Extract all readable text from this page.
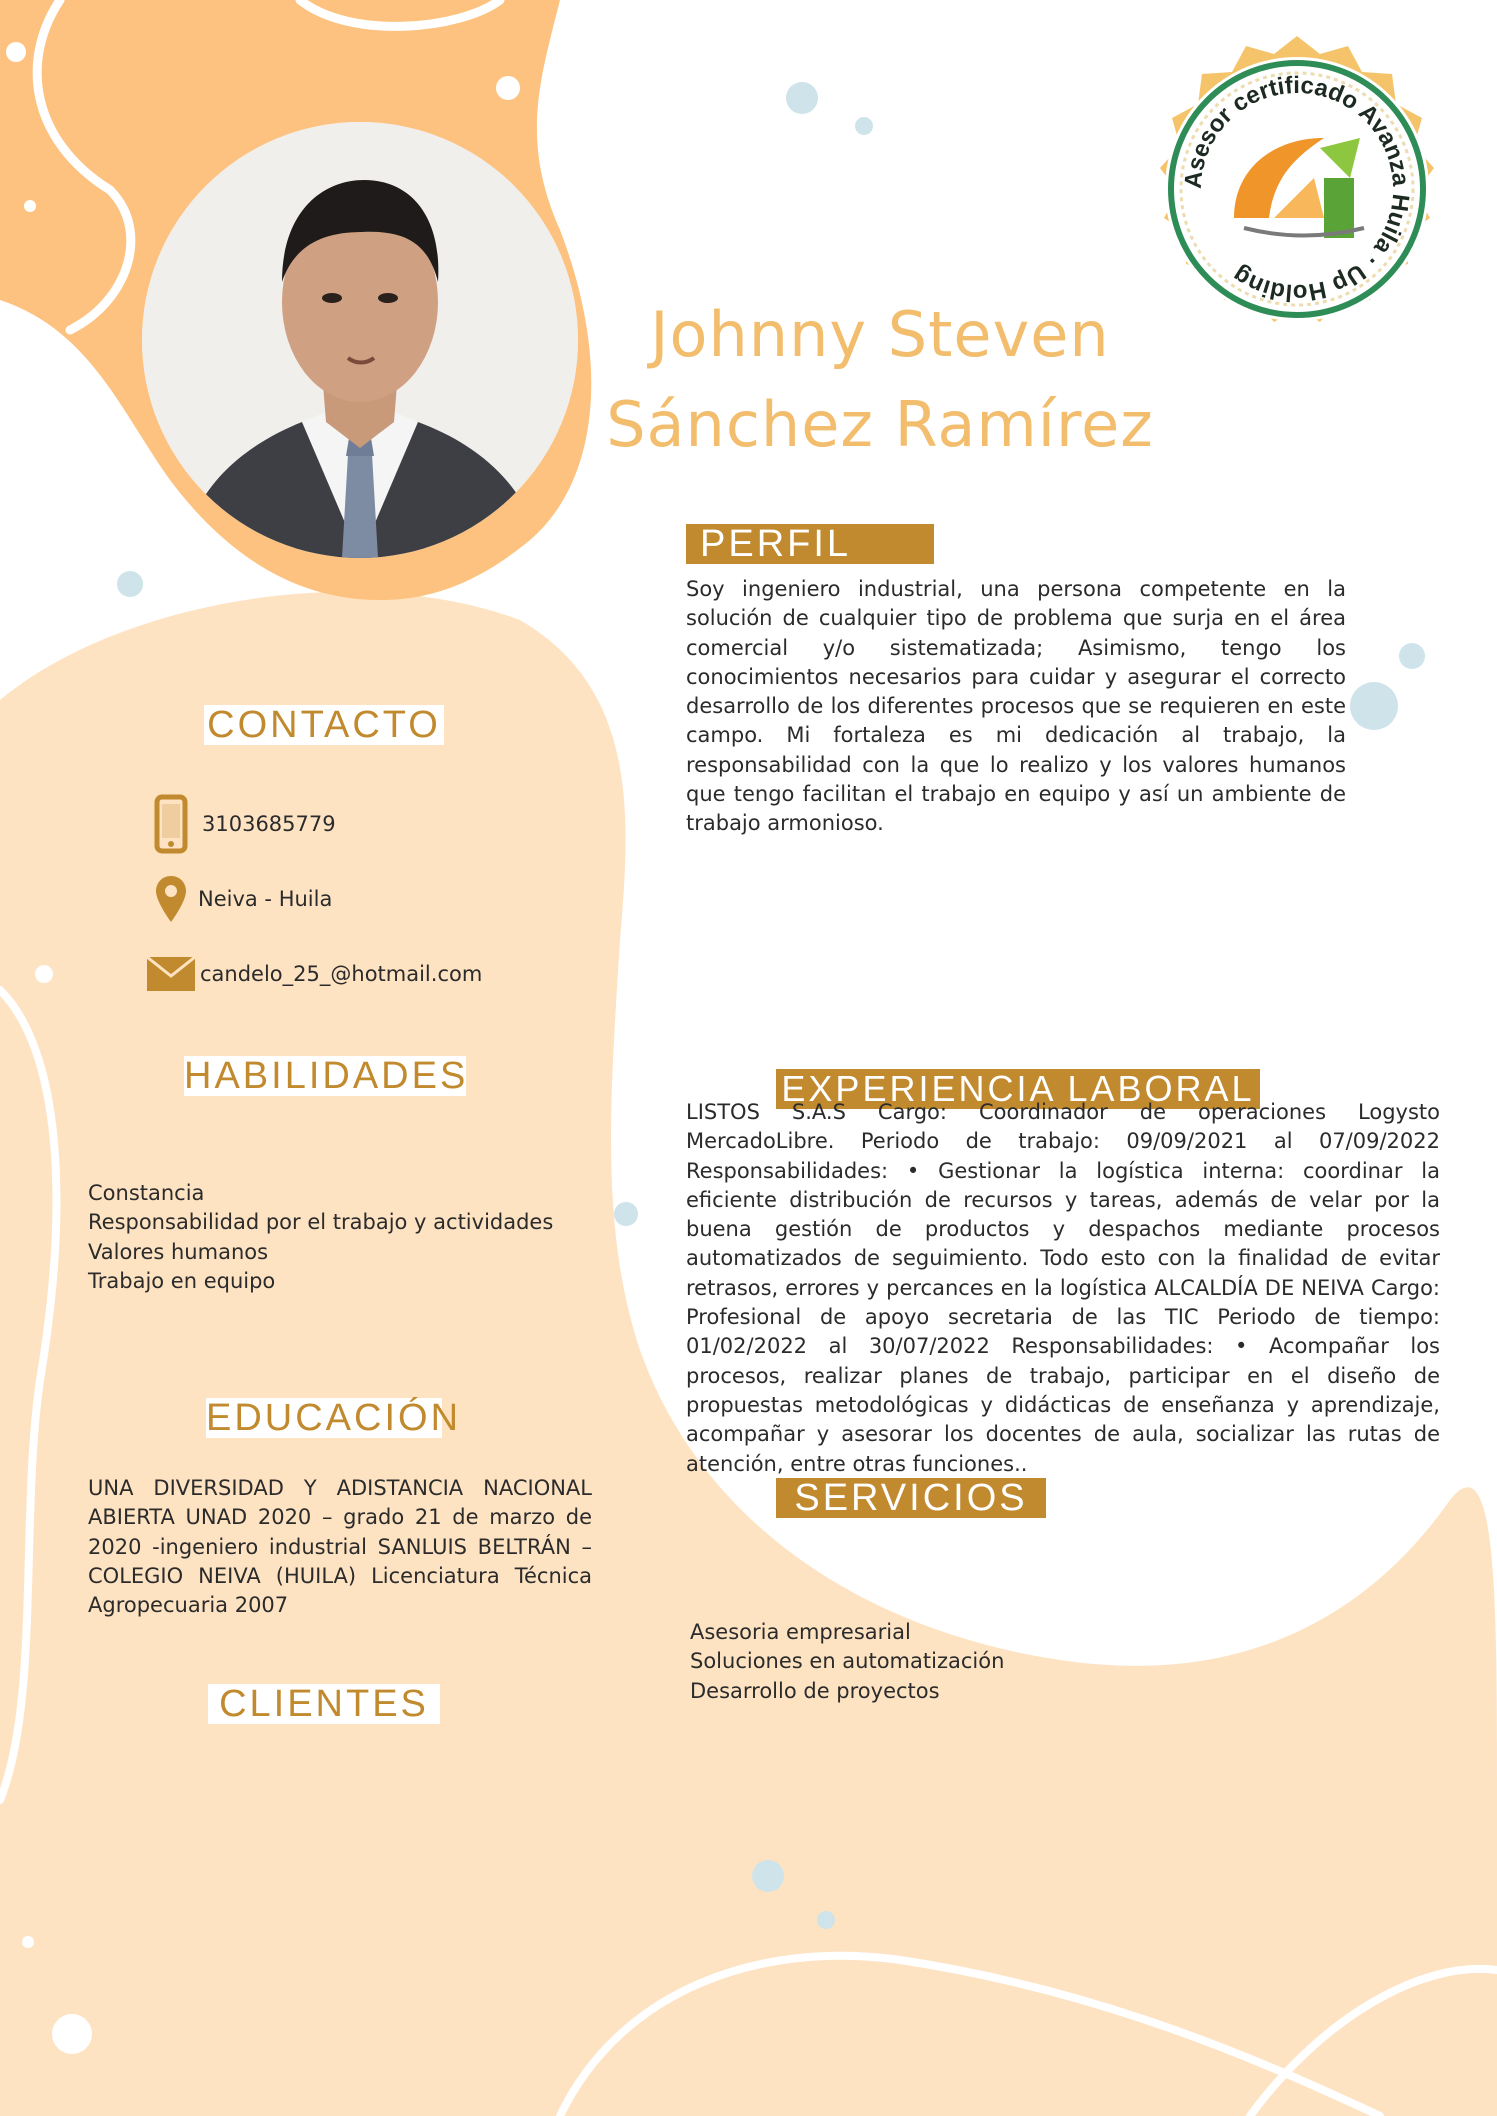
Asesor certificado Avanza Huila · Up Holding
Johnny Steven
Sánchez Ramírez
PERFIL
Soy ingeniero industrial, una persona competente en la solución de cualquier tipo de problema que surja en el área comercial y/o sistematizada; Asimismo, tengo los conocimientos necesarios para cuidar y asegurar el correcto desarrollo de los diferentes procesos que se requieren en este campo. Mi fortaleza es mi dedicación al trabajo, la responsabilidad con la que lo realizo y los valores humanos que tengo facilitan el trabajo en equipo y así un ambiente de trabajo armonioso.
CONTACTO
3103685779
Neiva - Huila
candelo_25_@hotmail.com
HABILIDADES
Constancia
Responsabilidad por el trabajo y actividades
Valores humanos
Trabajo en equipo
EDUCACIÓN
UNA DIVERSIDAD Y ADISTANCIA NACIONAL ABIERTA UNAD 2020 – grado 21 de marzo de 2020 -ingeniero industrial SANLUIS BELTRÁN – COLEGIO NEIVA (HUILA) Licenciatura Técnica Agropecuaria 2007
CLIENTES
EXPERIENCIA LABORAL
LISTOS S.A.S Cargo: Coordinador de operaciones Logysto MercadoLibre. Periodo de trabajo: 09/09/2021 al 07/09/2022 Responsabilidades: • Gestionar la logística interna: coordinar la eficiente distribución de recursos y tareas, además de velar por la buena gestión de productos y despachos mediante procesos automatizados de seguimiento. Todo esto con la finalidad de evitar retrasos, errores y percances en la logística ALCALDÍA DE NEIVA Cargo: Profesional de apoyo secretaria de las TIC Periodo de tiempo: 01/02/2022 al 30/07/2022 Responsabilidades: • Acompañar los procesos, realizar planes de trabajo, participar en el diseño de propuestas metodológicas y didácticas de enseñanza y aprendizaje, acompañar y asesorar los docentes de aula, socializar las rutas de atención, entre otras funciones..
SERVICIOS
Asesoria empresarial
Soluciones en automatización
Desarrollo de proyectos
